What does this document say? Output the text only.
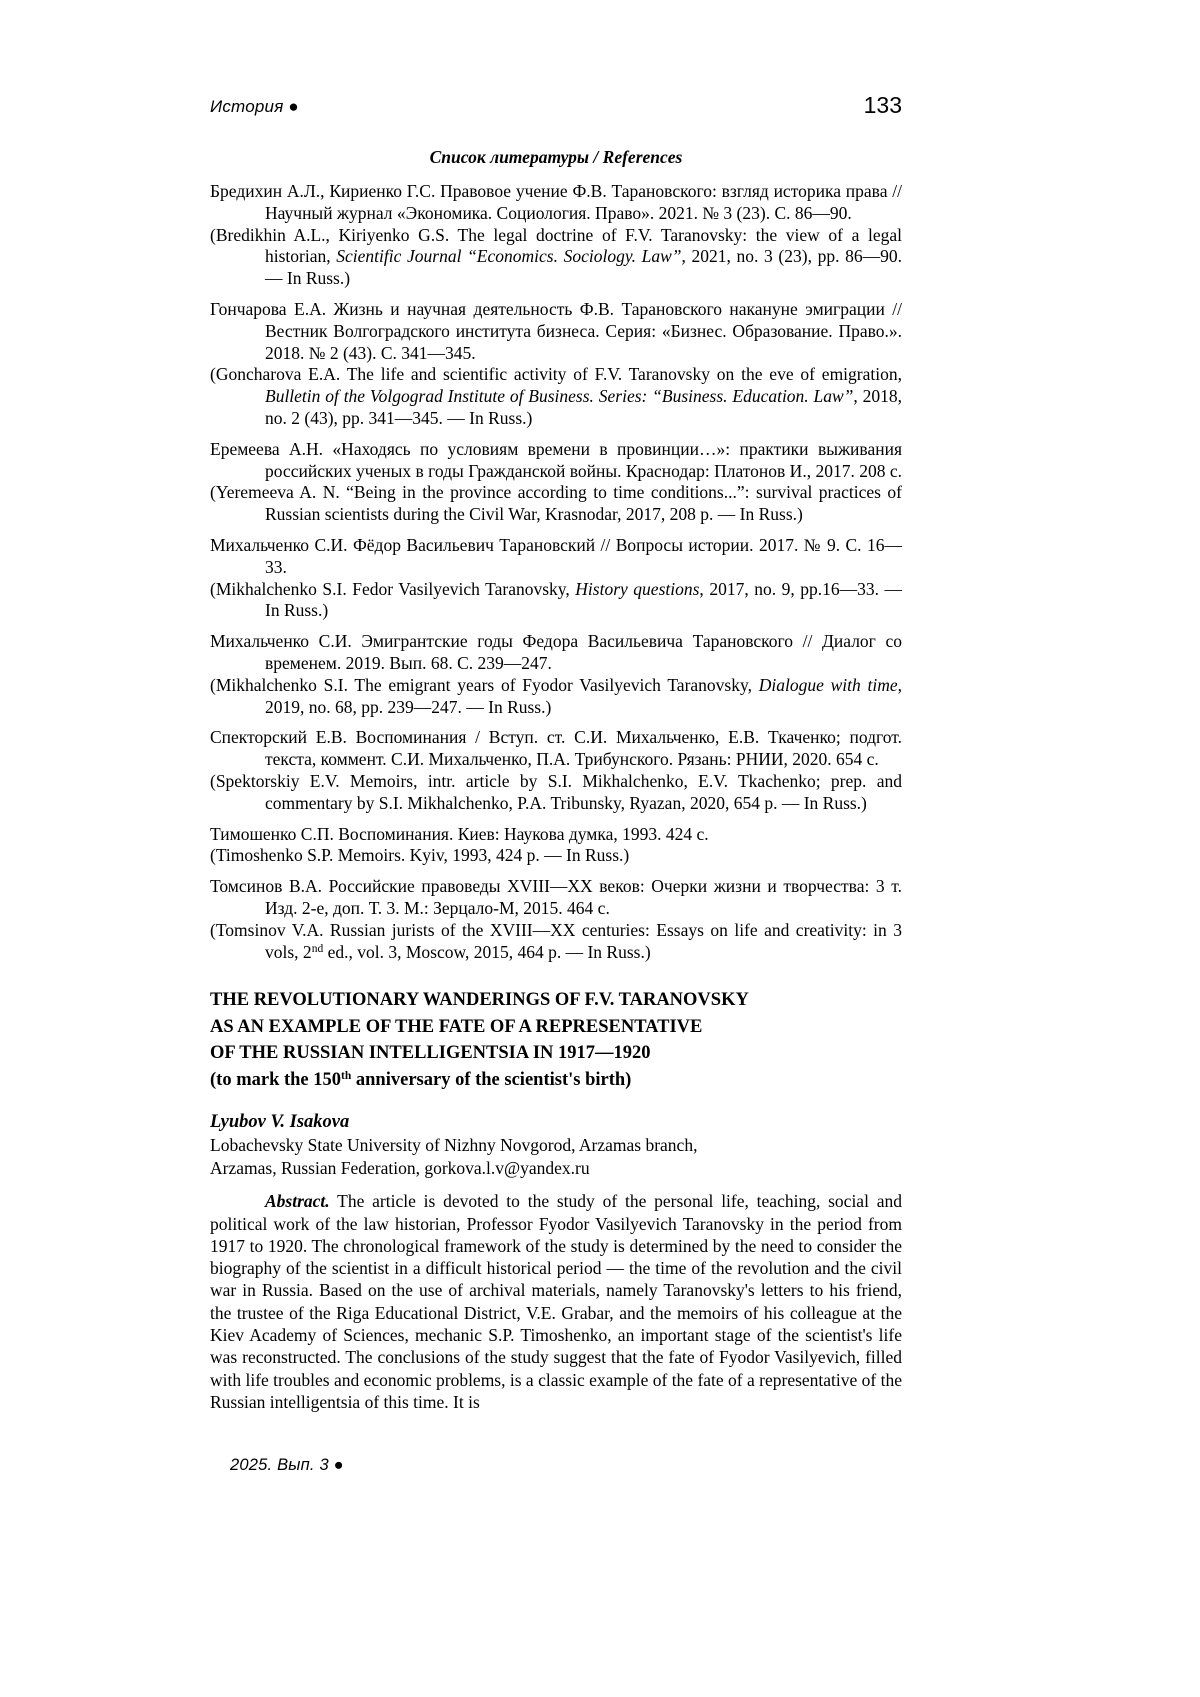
История ●	133
Список литературы / References

Бредихин А.Л., Кириенко Г.С. Правовое учение Ф.В. Тарановского: взгляд историка права // Научный журнал «Экономика. Социология. Право». 2021. № 3 (23). С. 86—90.

(Bredikhin A.L., Kiriyenko G.S. The legal doctrine of F.V. Taranovsky: the view of a legal historian, Scientific Journal “Economics. Sociology. Law”, 2021, no. 3 (23), pp. 86—90. — In Russ.)

Гончарова Е.А. Жизнь и научная деятельность Ф.В. Тарановского накануне эмиграции // Вестник Волгоградского института бизнеса. Серия: «Бизнес. Образование. Право.». 2018. № 2 (43). С. 341—345.

(Goncharova E.A. The life and scientific activity of F.V. Taranovsky on the eve of emigration, Bulletin of the Volgograd Institute of Business. Series: “Business. Education. Law”, 2018, no. 2 (43), pp. 341—345. — In Russ.)

Еремеева А.Н. «Находясь по условиям времени в провинции…»: практики выживания российских ученых в годы Гражданской войны. Краснодар: Платонов И., 2017. 208 с.

(Yeremeeva A. N. “Being in the province according to time conditions...”: survival practices of Russian scientists during the Civil War, Krasnodar, 2017, 208 p. — In Russ.)

Михальченко С.И. Фёдор Васильевич Тарановский // Вопросы истории. 2017. № 9. С. 16—33.

(Mikhalchenko S.I. Fedor Vasilyevich Taranovsky, History questions, 2017, no. 9, pp.16—33. — In Russ.)

Михальченко С.И. Эмигрантские годы Федора Васильевича Тарановского // Диалог со временем. 2019. Вып. 68. С. 239—247.

(Mikhalchenko S.I. The emigrant years of Fyodor Vasilyevich Taranovsky, Dialogue with time, 2019, no. 68, pp. 239—247. — In Russ.)

Спекторский Е.В. Воспоминания / Вступ. ст. С.И. Михальченко, Е.В. Ткаченко; подгот. текста, коммент. С.И. Михальченко, П.А. Трибунского. Рязань: РНИИ, 2020. 654 с.

(Spektorskiy E.V. Memoirs, intr. article by S.I. Mikhalchenko, E.V. Tkachenko; prep. and commentary by S.I. Mikhalchenko, P.A. Tribunsky, Ryazan, 2020, 654 p. — In Russ.)

Тимошенко С.П. Воспоминания. Киев: Наукова думка, 1993. 424 с.

(Timoshenko S.P. Memoirs. Kyiv, 1993, 424 p. — In Russ.)

Томсинов В.А. Российские правоведы XVIII—XX веков: Очерки жизни и творчества: 3 т. Изд. 2-е, доп. Т. 3. М.: Зерцало-М, 2015. 464 с.

(Tomsinov V.A. Russian jurists of the XVIII—XX centuries: Essays on life and creativity: in 3 vols, 2nd ed., vol. 3, Moscow, 2015, 464 p. — In Russ.)

THE REVOLUTIONARY WANDERINGS OF F.V. TARANOVSKY
AS AN EXAMPLE OF THE FATE OF A REPRESENTATIVE
OF THE RUSSIAN INTELLIGENTSIA IN 1917—1920
(to mark the 150th anniversary of the scientist's birth)
Lyubov V. Isakova
Lobachevsky State University of Nizhny Novgorod, Arzamas branch,
Arzamas, Russian Federation, gorkova.l.v@yandex.ru
Abstract. The article is devoted to the study of the personal life, teaching, social and political work of the law historian, Professor Fyodor Vasilyevich Taranovsky in the period from 1917 to 1920. The chronological framework of the study is determined by the need to consider the biography of the scientist in a difficult historical period — the time of the revolution and the civil war in Russia. Based on the use of archival materials, namely Taranovsky's letters to his friend, the trustee of the Riga Educational District, V.E. Grabar, and the memoirs of his colleague at the Kiev Academy of Sciences, mechanic S.P. Timoshenko, an important stage of the scientist's life was reconstructed. The conclusions of the study suggest that the fate of Fyodor Vasilyevich, filled with life troubles and economic problems, is a classic example of the fate of a representative of the Russian intelligentsia of this time. It is
2025. Вып. 3 ●
